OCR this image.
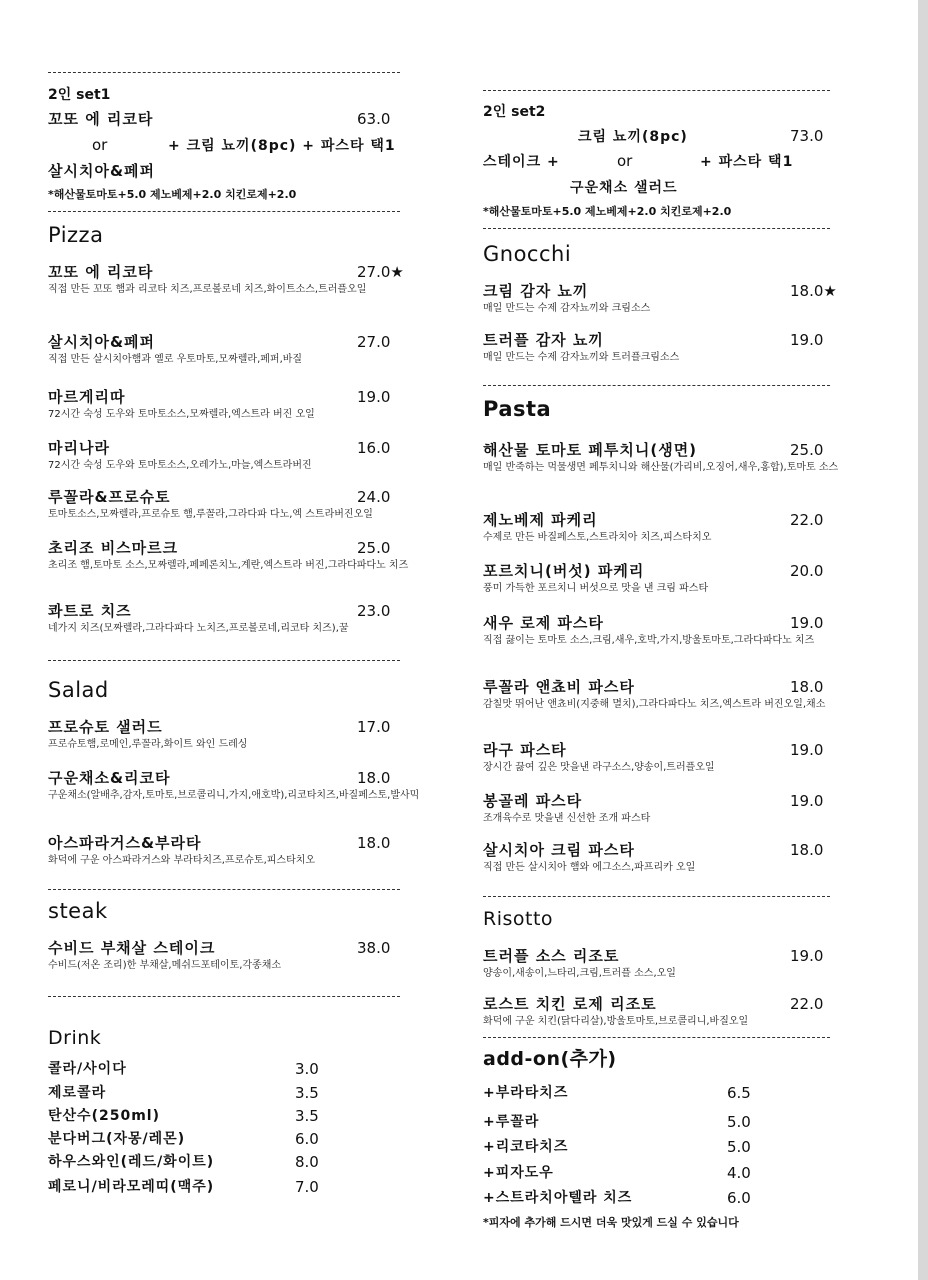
2인 set1
꼬또 에 리코타	63.0
or	+ 크림 뇨끼(8pc) + 파스타 택1
살시치아&페퍼
*해산물토마토+5.0 제노베제+2.0 치킨로제+2.0
Pizza
꼬또 에 리코타	27.0★
직접 만든 꼬또 햄과 리코타 치즈,프로볼로네 치즈,화이트소스,트러플오일
살시치아&페퍼	27.0
직접 만든 살시치아햄과 옐로 우토마토,모짜렐라,페퍼,바질
마르게리따	19.0
72시간 숙성 도우와 토마토소스,모짜렐라,엑스트라 버진 오일
마리나라	16.0
72시간 숙성 도우와 토마토소스,오레가노,마늘,엑스트라버진
루꼴라&프로슈토	24.0
토마토소스,모짜렐라,프로슈토 햄,루꼴라,그라다파 다노,엑 스트라버진오일
초리조 비스마르크	25.0
초리조 햄,토마토 소스,모짜렐라,페페론치노,계란,엑스트라 버진,그라다파다노 치즈
콰트로 치즈	23.0
네가지 치즈(모짜렐라,그라다파다 노치즈,프로볼로네,리코타 치즈),꿀
Salad
프로슈토 샐러드	17.0
프로슈토햄,로메인,루꼴라,화이트 와인 드레싱
구운채소&리코타	18.0
구운채소(알배추,감자,토마토,브로콜리니,가지,애호박),리코타치즈,바질페스토,발사믹
아스파라거스&부라타	18.0
화덕에 구운 아스파라거스와 부라타치즈,프로슈토,피스타치오
steak
수비드 부채살 스테이크	38.0
수비드(저온 조리)한 부채살,메쉬드포테이토,각종채소
Drink
콜라/사이다	3.0
제로콜라	3.5
탄산수(250ml)	3.5
분다버그(자몽/레몬)	6.0
하우스와인(레드/화이트)	8.0
페로니/비라모레띠(맥주)	7.0
2인 set2
크림 뇨끼(8pc)	73.0
스테이크 +	or	+ 파스타 택1
구운채소 샐러드
*해산물토마토+5.0 제노베제+2.0 치킨로제+2.0
Gnocchi
크림 감자 뇨끼	18.0★
매일 만드는 수제 감자뇨끼와 크림소스
트러플 감자 뇨끼	19.0
매일 만드는 수제 감자뇨끼와 트러플크림소스
Pasta
해산물 토마토 페투치니(생면)	25.0
매일 반죽하는 먹물생면 페투치니와 해산물(가리비,오징어,새우,홍합),토마토 소스
제노베제 파케리	22.0
수제로 만든 바질페스토,스트라치아 치즈,피스타치오
포르치니(버섯) 파케리	20.0
풍미 가득한 포르치니 버섯으로 맛을 낸 크림 파스타
새우 로제 파스타	19.0
직접 끓이는 토마토 소스,크림,새우,호박,가지,방울토마토,그라다파다노 치즈
루꼴라 앤쵸비 파스타	18.0
감칠맛 뛰어난 앤쵸비(지중해 멸치),그라다파다노 치즈,엑스트라 버진오일,채소
라구 파스타	19.0
장시간 끓여 깊은 맛을낸 라구소스,양송이,트러플오일
봉골레 파스타	19.0
조개육수로 맛을낸 신선한 조개 파스타
살시치아 크림 파스타	18.0
직접 만든 살시치아 햄와 에그소스,파프리카 오일
Risotto
트러플 소스 리조토	19.0
양송이,새송이,느타리,크림,트러플 소스,오일
로스트 치킨 로제 리조토	22.0
화덕에 구운 치킨(닭다리살),방울토마토,브로콜리니,바질오일
add-on(추가)
+부라타치즈	6.5
+루꼴라	5.0
+리코타치즈	5.0
+피자도우	4.0
+스트라치아텔라 치즈	6.0
*피자에 추가해 드시면 더욱 맛있게 드실 수 있습니다
